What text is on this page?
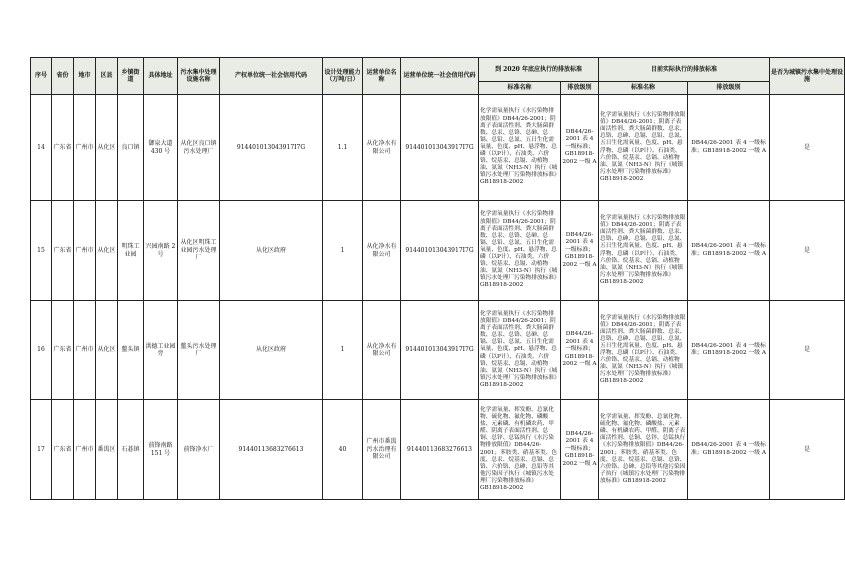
序号	省份	地市	区县	乡镇街道	具体地址	污水集中处理设施名称	产权单位统一社会信用代码	设计处理能力（万吨/日）	运营单位名称	运营单位统一社会信用代码	到 2020 年底应执行的排放标准		目前实际执行的排放标准		是否为城镇污水集中处理设施
											标准名称	排放级别	标准名称	排放级别	
14	广东省	广州市	从化区	良口镇	御泉大道 430 号	从化区良口镇污水处理厂	914401013043917I7G	1.1	从化净水有限公司	914401013043917I7G	化学需氧量执行《水污染物排放限值》DB44/26-2001；阴离子表面活性剂、粪大肠菌群数、总汞、总铬、总砷、总镉、总铅、总氮、五日生化需氧量、色度、pH、悬浮物、总磷（以P计）、石油类、六价铬、烷基汞、总镉、动植物油、氨氮（NH3-N）执行《城镇污水处理厂污染物排放标准》GB18918-2002	DB44/26-2001 表 4 一级标准；GB18918-2002 一级 A	化学需氧量执行《水污染物排放限值》DB44/26-2001；阴离子表面活性剂、粪大肠菌群数、总汞、总铬、总砷、总镉、总铅、总氮、五日生化需氧量、色度、pH、悬浮物、总磷（以P计）、石油类、六价铬、烷基汞、总镉、动植物油、氨氮（NH3-N）执行《城镇污水处理厂污染物排放标准》GB18918-2002	DB44/26-2001 表 4 一级标准；GB18918-2002 一级 A	是
15	广东省	广州市	从化区	明珠工业园	兴园南路 2 号	从化区明珠工业园污水处理厂	从化区政府	1	从化净水有限公司	914401013043917I7G	化学需氧量执行《水污染物排放限值》DB44/26-2001；阴离子表面活性剂、粪大肠菌群数、总汞、总铬、总砷、总镉、总铅、总氮、五日生化需氧量、色度、pH、悬浮物、总磷（以P计）、石油类、六价铬、烷基汞、总镉、动植物油、氨氮（NH3-N）执行《城镇污水处理厂污染物排放标准》GB18918-2002	DB44/26-2001 表 4 一级标准；GB18918-2002 一级 A	化学需氧量执行《水污染物排放限值》DB44/26-2001；阴离子表面活性剂、粪大肠菌群数、总汞、总铬、总砷、总镉、总铅、总氮、五日生化需氧量、色度、pH、悬浮物、总磷（以P计）、石油类、六价铬、烷基汞、总镉、动植物油、氨氮（NH3-N）执行《城镇污水处理厂污染物排放标准》GB18918-2002	DB44/26-2001 表 4 一级标准；GB18918-2002 一级 A	是
16	广东省	广州市	从化区	鳌头镇	洪德工业园旁	鳌头污水处理厂	从化区政府	1	从化净水有限公司	914401013043917I7G	化学需氧量执行《水污染物排放限值》DB44/26-2001；阴离子表面活性剂、粪大肠菌群数、总汞、总铬、总砷、总镉、总铅、总氮、五日生化需氧量、色度、pH、悬浮物、总磷（以P计）、石油类、六价铬、烷基汞、总镉、动植物油、氨氮（NH3-N）执行《城镇污水处理厂污染物排放标准》GB18918-2002	DB44/26-2001 表 4 一级标准；GB18918-2002 一级 A	化学需氧量执行《水污染物排放限值》DB44/26-2001；阴离子表面活性剂、粪大肠菌群数、总汞、总铬、总砷、总镉、总铅、总氮、五日生化需氧量、色度、pH、悬浮物、总磷（以P计）、石油类、六价铬、烷基汞、总镉、动植物油、氨氮（NH3-N）执行《城镇污水处理厂污染物排放标准》GB18918-2002	DB44/26-2001 表 4 一级标准；GB18918-2002 一级 A	是
17	广东省	广州市	番禺区	石碁镇	前锋南路 151 号	前锋净水厂	91440113683276613	40	广州市番禺污水治理有限公司	91440113683276613	化学需氧量、挥发酚、总氰化物、硫化物、氟化物、磷酸盐、元素磷、有机磷农药、甲醛、阴离子表面活性剂、总铜、总锌、总锰执行《水污染物排放限值》DB44/26-2001；苯胺类、硝基苯类、色度、总汞、烷基汞、总镉、总铬、六价铬、总砷、总铅等其他污染因子执行《城镇污水处理厂污染物排放标准》GB18918-2002	DB44/26-2001 表 4 一级标准；GB18918-2002 一级 A	化学需氧量、挥发酚、总氰化物、硫化物、氟化物、磷酸盐、元素磷、有机磷农药、甲醛、阴离子表面活性剂、总铜、总锌、总锰执行《水污染物排放限值》DB44/26-2001；苯胺类、硝基苯类、色度、总汞、烷基汞、总镉、总铬、六价铬、总砷、总铅等其他污染因子执行《城镇污水处理厂污染物排放标准》GB18918-2002	DB44/26-2001 表 4 一级标准；GB18918-2002 一级 A	是
